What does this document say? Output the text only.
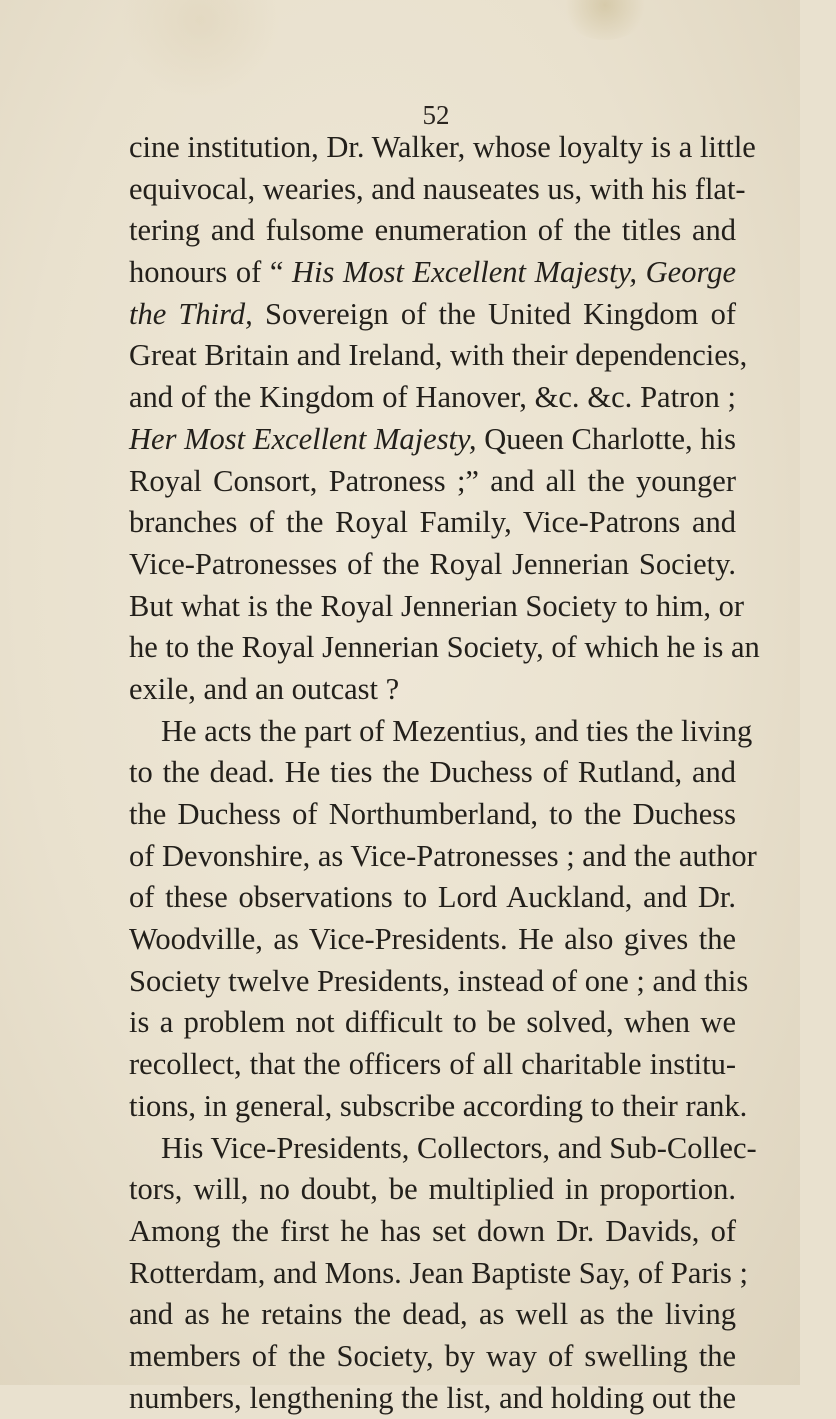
52
cine institution, Dr. Walker, whose loyalty is a little
equivocal, wearies, and nauseates us, with his flat-
tering and fulsome enumeration of the titles and
honours of “ His Most Excellent Majesty, George
the Third, Sovereign of the United Kingdom of
Great Britain and Ireland, with their dependencies,
and of the Kingdom of Hanover, &c. &c. Patron ;
Her Most Excellent Majesty, Queen Charlotte, his
Royal Consort, Patroness ;” and all the younger
branches of the Royal Family, Vice-Patrons and
Vice-Patronesses of the Royal Jennerian Society.
But what is the Royal Jennerian Society to him, or
he to the Royal Jennerian Society, of which he is an
exile, and an outcast ?
He acts the part of Mezentius, and ties the living
to the dead. He ties the Duchess of Rutland, and
the Duchess of Northumberland, to the Duchess
of Devonshire, as Vice-Patronesses ; and the author
of these observations to Lord Auckland, and Dr.
Woodville, as Vice-Presidents. He also gives the
Society twelve Presidents, instead of one ; and this
is a problem not difficult to be solved, when we
recollect, that the officers of all charitable institu-
tions, in general, subscribe according to their rank.
His Vice-Presidents, Collectors, and Sub-Collec-
tors, will, no doubt, be multiplied in proportion.
Among the first he has set down Dr. Davids, of
Rotterdam, and Mons. Jean Baptiste Say, of Paris ;
and as he retains the dead, as well as the living
members of the Society, by way of swelling the
numbers, lengthening the list, and holding out the
